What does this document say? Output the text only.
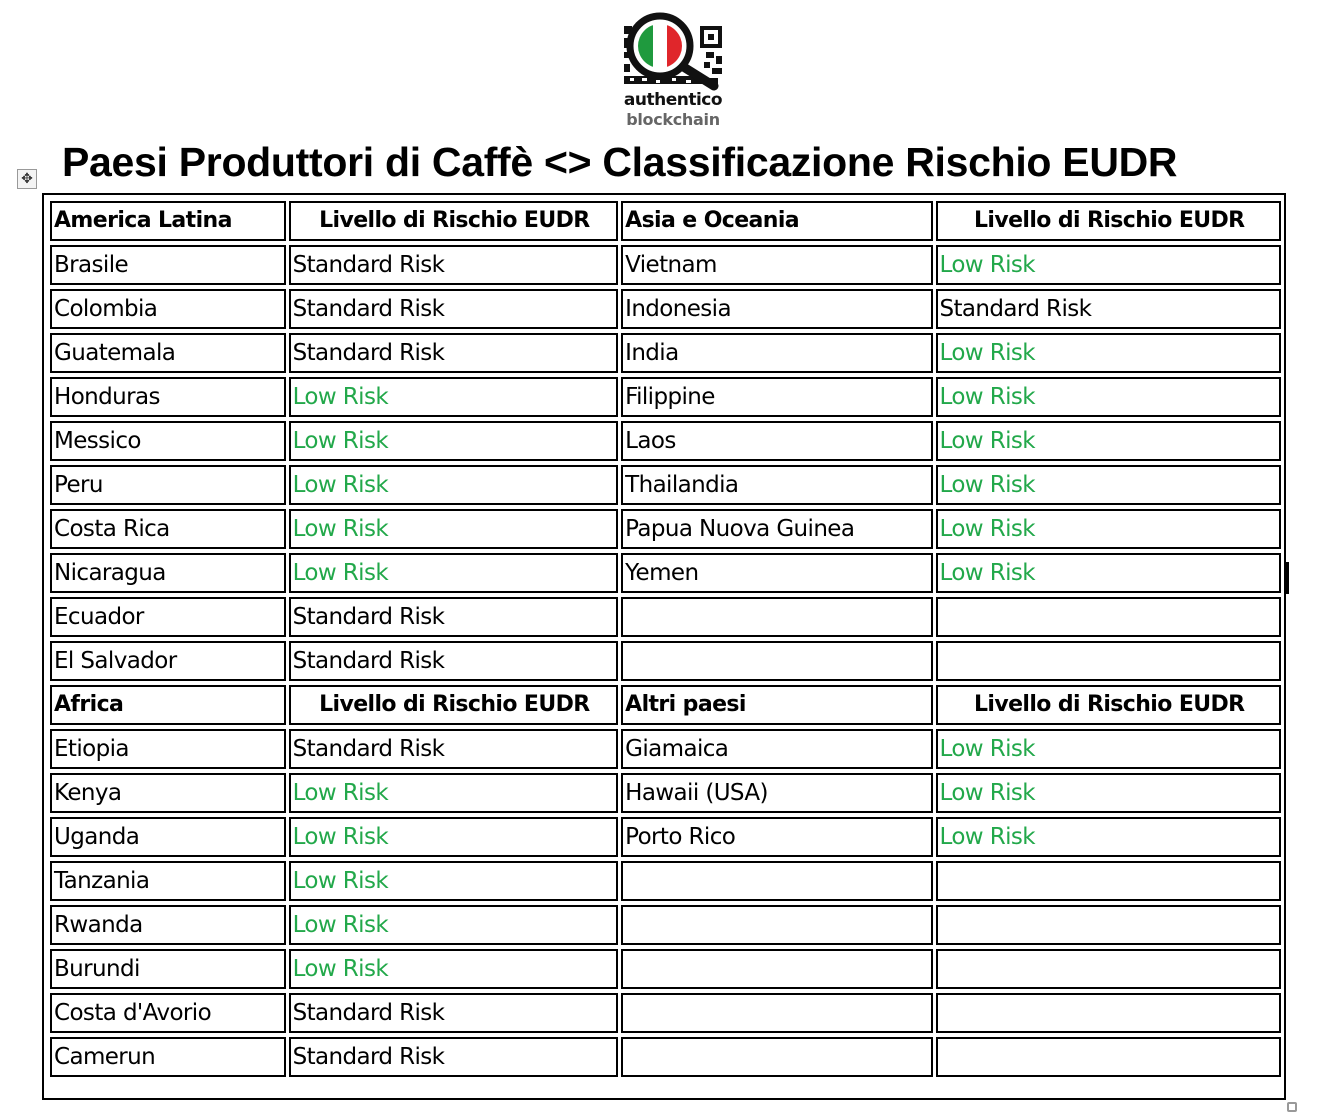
authentico
blockchain
✥ Paesi Produttori di Caffè <> Classificazione Rischio EUDR
America Latina	Livello di Rischio EUDR	Asia e Oceania	Livello di Rischio EUDR
Brasile	Standard Risk	Vietnam	Low Risk
Colombia	Standard Risk	Indonesia	Standard Risk
Guatemala	Standard Risk	India	Low Risk
Honduras	Low Risk	Filippine	Low Risk
Messico	Low Risk	Laos	Low Risk
Peru	Low Risk	Thailandia	Low Risk
Costa Rica	Low Risk	Papua Nuova Guinea	Low Risk
Nicaragua	Low Risk	Yemen	Low Risk
Ecuador	Standard Risk		
El Salvador	Standard Risk		
Africa	Livello di Rischio EUDR	Altri paesi	Livello di Rischio EUDR
Etiopia	Standard Risk	Giamaica	Low Risk
Kenya	Low Risk	Hawaii (USA)	Low Risk
Uganda	Low Risk	Porto Rico	Low Risk
Tanzania	Low Risk		
Rwanda	Low Risk		
Burundi	Low Risk		
Costa d'Avorio	Standard Risk		
Camerun	Standard Risk		
